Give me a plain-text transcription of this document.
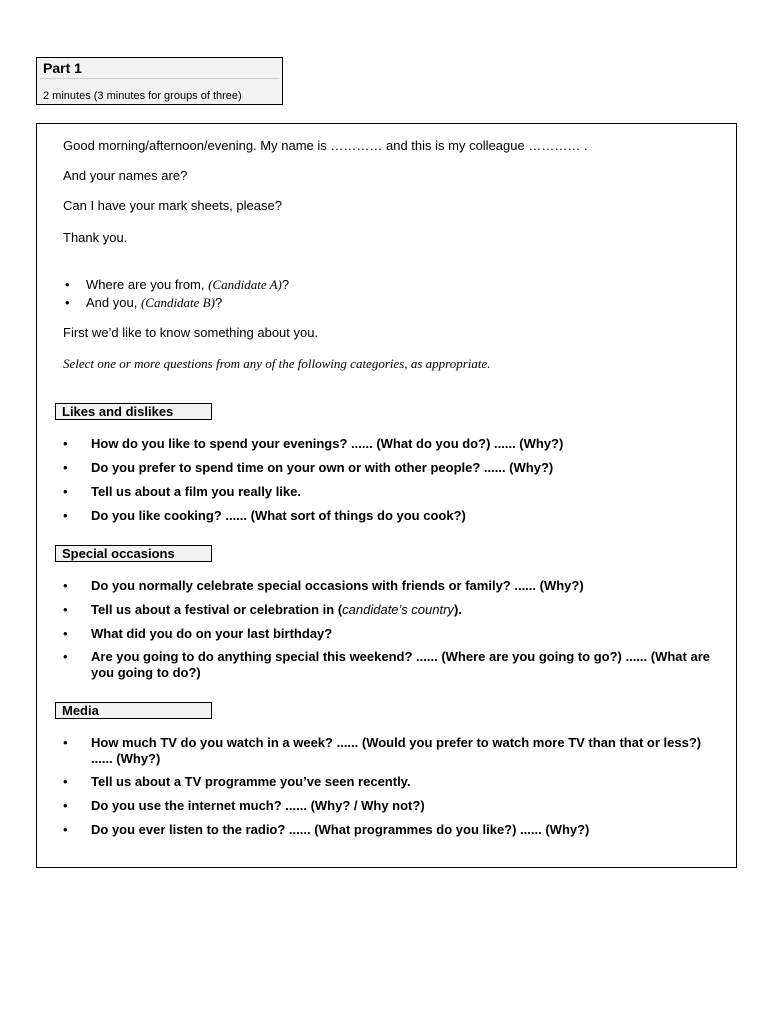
Part 1
2 minutes (3 minutes for groups of three)
Good morning/afternoon/evening. My name is ………… and this is my colleague ………… .
And your names are?
Can I have your mark sheets, please?
Thank you.
• Where are you from, (Candidate A)?
• And you, (Candidate B)?
First we’d like to know something about you.
Select one or more questions from any of the following categories, as appropriate.
Likes and dislikes
• How do you like to spend your evenings? ...... (What do you do?) ...... (Why?)
• Do you prefer to spend time on your own or with other people? ...... (Why?)
• Tell us about a film you really like.
• Do you like cooking? ...... (What sort of things do you cook?)
Special occasions
• Do you normally celebrate special occasions with friends or family? ...... (Why?)
• Tell us about a festival or celebration in (candidate’s country).
• What did you do on your last birthday?
• Are you going to do anything special this weekend? ...... (Where are you going to go?) ...... (What are you going to do?)
Media
• How much TV do you watch in a week? ...... (Would you prefer to watch more TV than that or less?) ...... (Why?)
• Tell us about a TV programme you’ve seen recently.
• Do you use the internet much? ...... (Why? / Why not?)
• Do you ever listen to the radio? ...... (What programmes do you like?) ...... (Why?)
